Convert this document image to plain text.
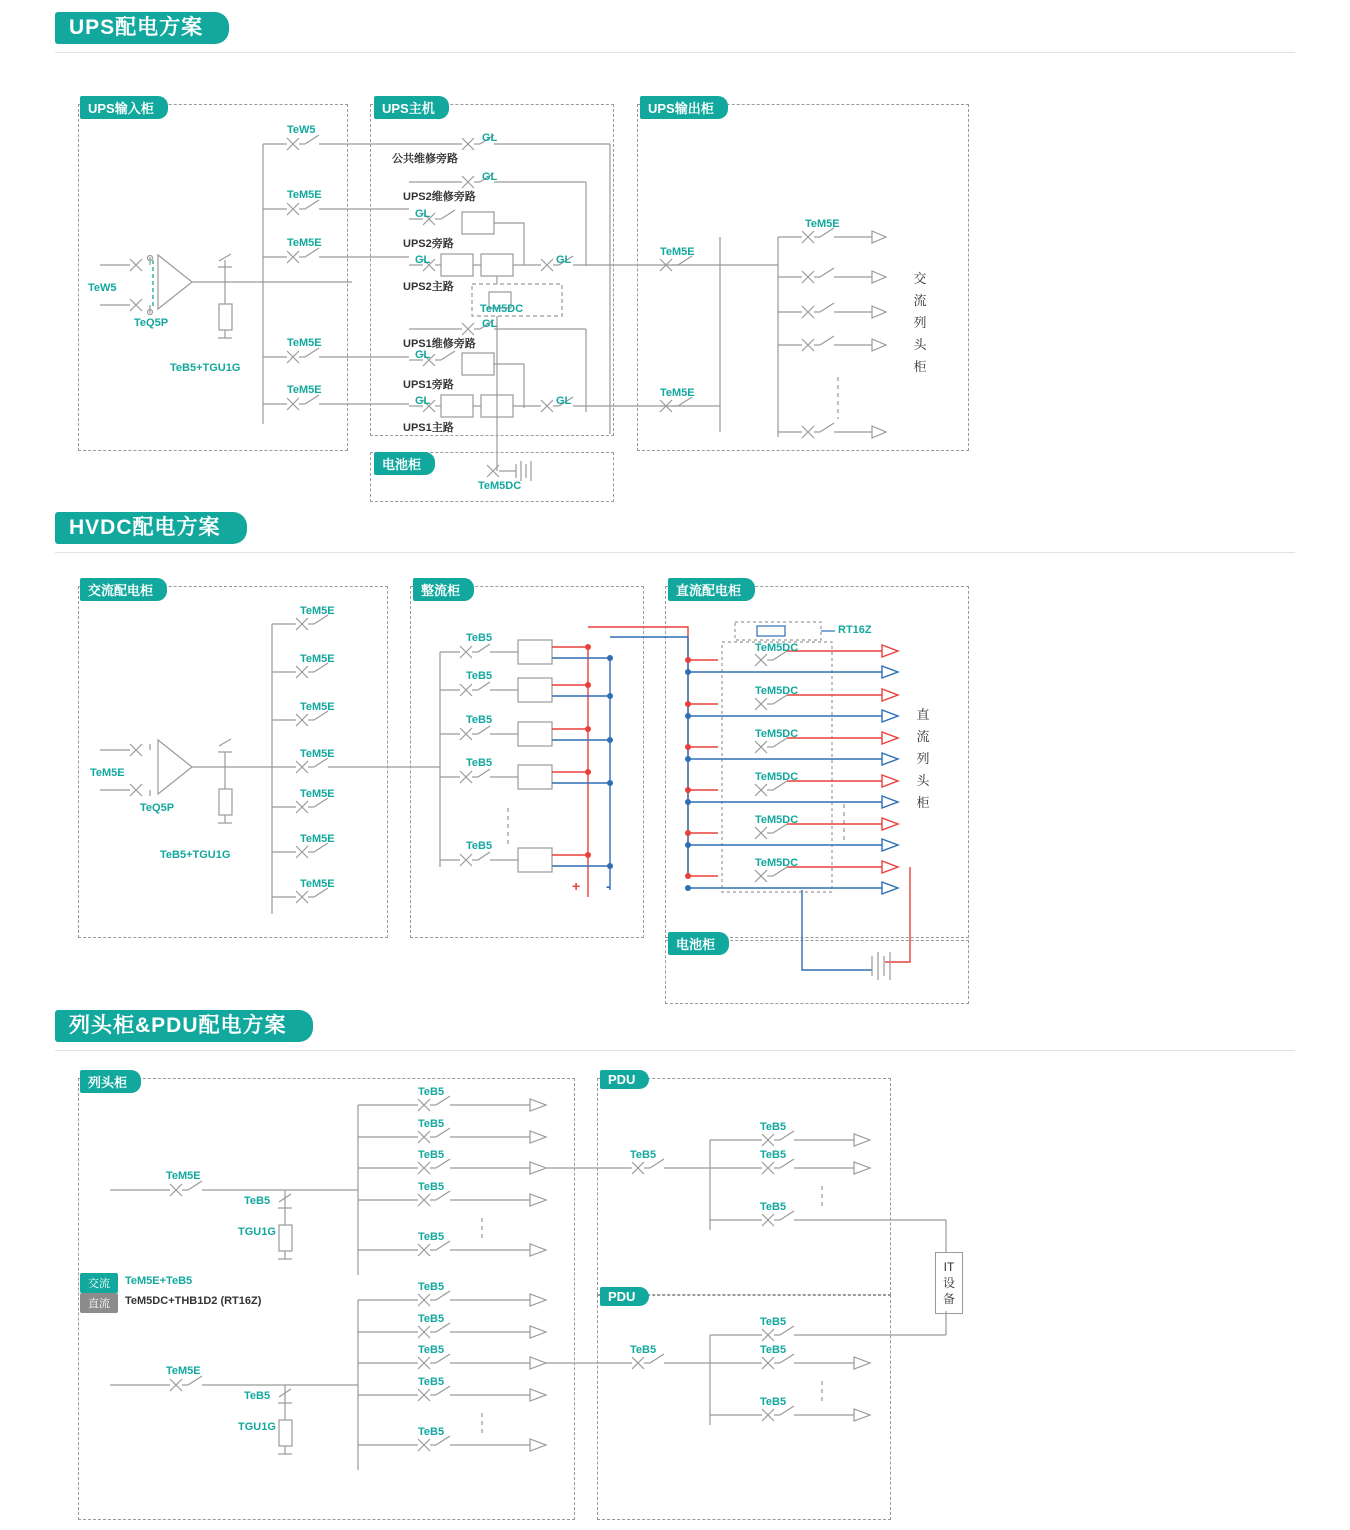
UPS配电方案
UPS输入柜	UPS主机	UPS输出柜
电池柜
TeW5
TeW5
TeM5E
TeM5E
TeM5E
TeM5E
TeQ5P
TeB5+TGU1G
公共维修旁路
GL
UPS2维修旁路
GL
UPS2旁路
GL
UPS2主路
GL	GL
TeM5DC
UPS1维修旁路
GL
UPS1旁路
GL
UPS1主路
GL	GL
TeM5DC
TeM5E
TeM5E
TeM5E
交流列头柜
HVDC配电方案
交流配电柜	整流柜	直流配电柜
电池柜
TeM5E
TeQ5P
TeB5+TGU1G
TeM5E
TeM5E
TeM5E
TeM5E
TeM5E
TeM5E
TeM5E
TeB5
TeB5
TeB5
TeB5
TeB5
+ -
RT16Z
TeM5DC
TeM5DC
TeM5DC
TeM5DC
TeM5DC
TeM5DC
直流列头柜
列头柜&PDU配电方案
列头柜	PDU
PDU
IT设备
TeM5E
TeM5E
TeB5
TGU1G
TeB5
TGU1G
TeB5
TeB5
TeB5
TeB5
TeB5
TeB5
TeB5
TeB5
TeB5
TeB5
TeB5
TeB5
TeB5
TeB5
TeB5
TeB5
TeB5
TeB5
交流	TeM5E+TeB5
直流	TeM5DC+THB1D2 (RT16Z)
